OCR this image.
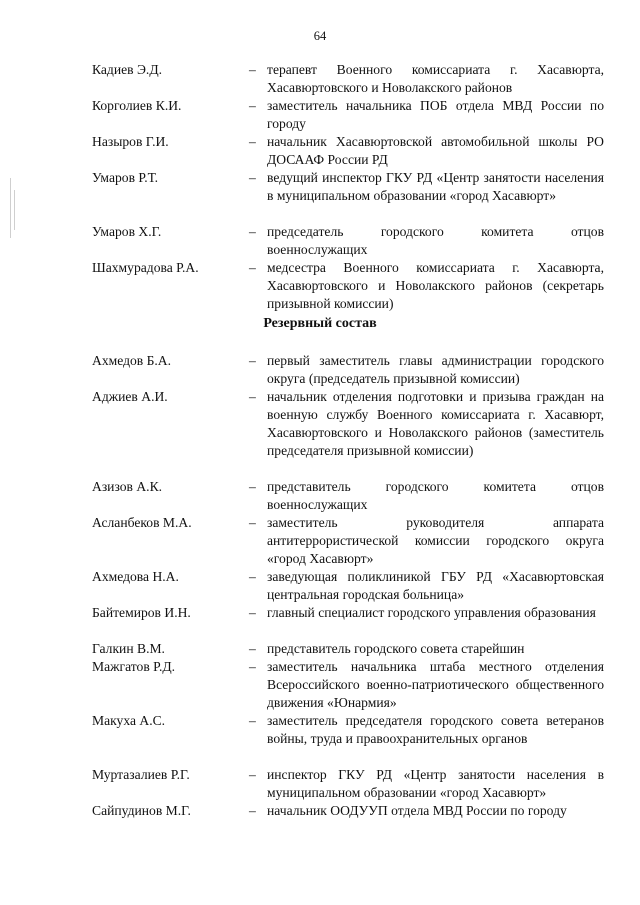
64
Кадиев Э.Д.	– терапевт Военного комиссариата г. Хасавюрта, Хасавюртовского и Новолакского районов
Корголиев К.И.	– заместитель начальника ПОБ отдела МВД России по городу
Назыров Г.И.	– начальник Хасавюртовской автомобильной школы РО ДОСААФ России РД
Умаров Р.Т.	– ведущий инспектор ГКУ РД «Центр занятости населения в муниципальном образовании «город Хасавюрт»
Умаров Х.Г.	– председатель городского комитета отцов военнослужащих
Шахмурадова Р.А.	– медсестра Военного комиссариата г. Хасавюрта, Хасавюртовского и Новолакского районов (секретарь призывной комиссии)
Резервный состав
Ахмедов Б.А.	– первый заместитель главы администрации городского округа (председатель призывной комиссии)
Аджиев А.И.	– начальник отделения подготовки и призыва граждан на военную службу Военного комиссариата г. Хасавюрт, Хасавюртовского и Новолакского районов (заместитель председателя призывной комиссии)
Азизов А.К.	– представитель городского комитета отцов военнослужащих
Асланбеков М.А.	– заместитель руководителя аппарата антитеррористической комиссии городского округа «город Хасавюрт»
Ахмедова Н.А.	– заведующая поликлиникой ГБУ РД «Хасавюртовская центральная городская больница»
Байтемиров И.Н.	– главный специалист городского управления образования
Галкин В.М.	– представитель городского совета старейшин
Мажгатов Р.Д.	– заместитель начальника штаба местного отделения Всероссийского военно-патриотического общественного движения «Юнармия»
Макуха А.С.	– заместитель председателя городского совета ветеранов войны, труда и правоохранительных органов
Муртазалиев Р.Г.	– инспектор ГКУ РД «Центр занятости населения в муниципальном образовании «город Хасавюрт»
Сайпудинов М.Г.	– начальник ООДУУП отдела МВД России по городу
